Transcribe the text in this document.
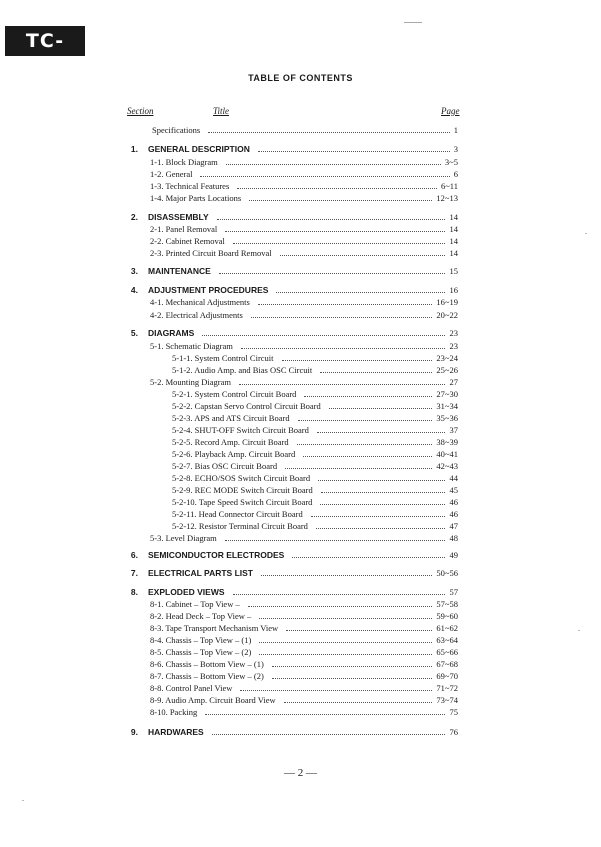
TC-850	TABLE OF CONTENTS
Section	Title	Page
Specifications	1
1. GENERAL DESCRIPTION	3
1-1. Block Diagram	3~5
1-2. General	6
1-3. Technical Features	6~11
1-4. Major Parts Locations	12~13
2. DISASSEMBLY	14
2-1. Panel Removal	14
2-2. Cabinet Removal	14
2-3. Printed Circuit Board Removal	14
3. MAINTENANCE	15
4. ADJUSTMENT PROCEDURES	16
4-1. Mechanical Adjustments	16~19
4-2. Electrical Adjustments	20~22
5. DIAGRAMS	23
5-1. Schematic Diagram	23
5-1-1. System Control Circuit	23~24
5-1-2. Audio Amp. and Bias OSC Circuit	25~26
5-2. Mounting Diagram	27
5-2-1. System Control Circuit Board	27~30
5-2-2. Capstan Servo Control Circuit Board	31~34
5-2-3. APS and ATS Circuit Board	35~36
5-2-4. SHUT-OFF Switch Circuit Board	37
5-2-5. Record Amp. Circuit Board	38~39
5-2-6. Playback Amp. Circuit Board	40~41
5-2-7. Bias OSC Circuit Board	42~43
5-2-8. ECHO/SOS Switch Circuit Board	44
5-2-9. REC MODE Switch Circuit Board	45
5-2-10. Tape Speed Switch Circuit Board	46
5-2-11. Head Connector Circuit Board	46
5-2-12. Resistor Terminal Circuit Board	47
5-3. Level Diagram	48
6. SEMICONDUCTOR ELECTRODES	49
7. ELECTRICAL PARTS LIST	50~56
8. EXPLODED VIEWS	57
8-1. Cabinet – Top View –	57~58
8-2. Head Deck – Top View –	59~60
8-3. Tape Transport Mechanism View	61~62
8-4. Chassis – Top View – (1)	63~64
8-5. Chassis – Top View – (2)	65~66
8-6. Chassis – Bottom View – (1)	67~68
8-7. Chassis – Bottom View – (2)	69~70
8-8. Control Panel View	71~72
8-9. Audio Amp. Circuit Board View	73~74
8-10. Packing	75
9. HARDWARES	76
— 2 —
